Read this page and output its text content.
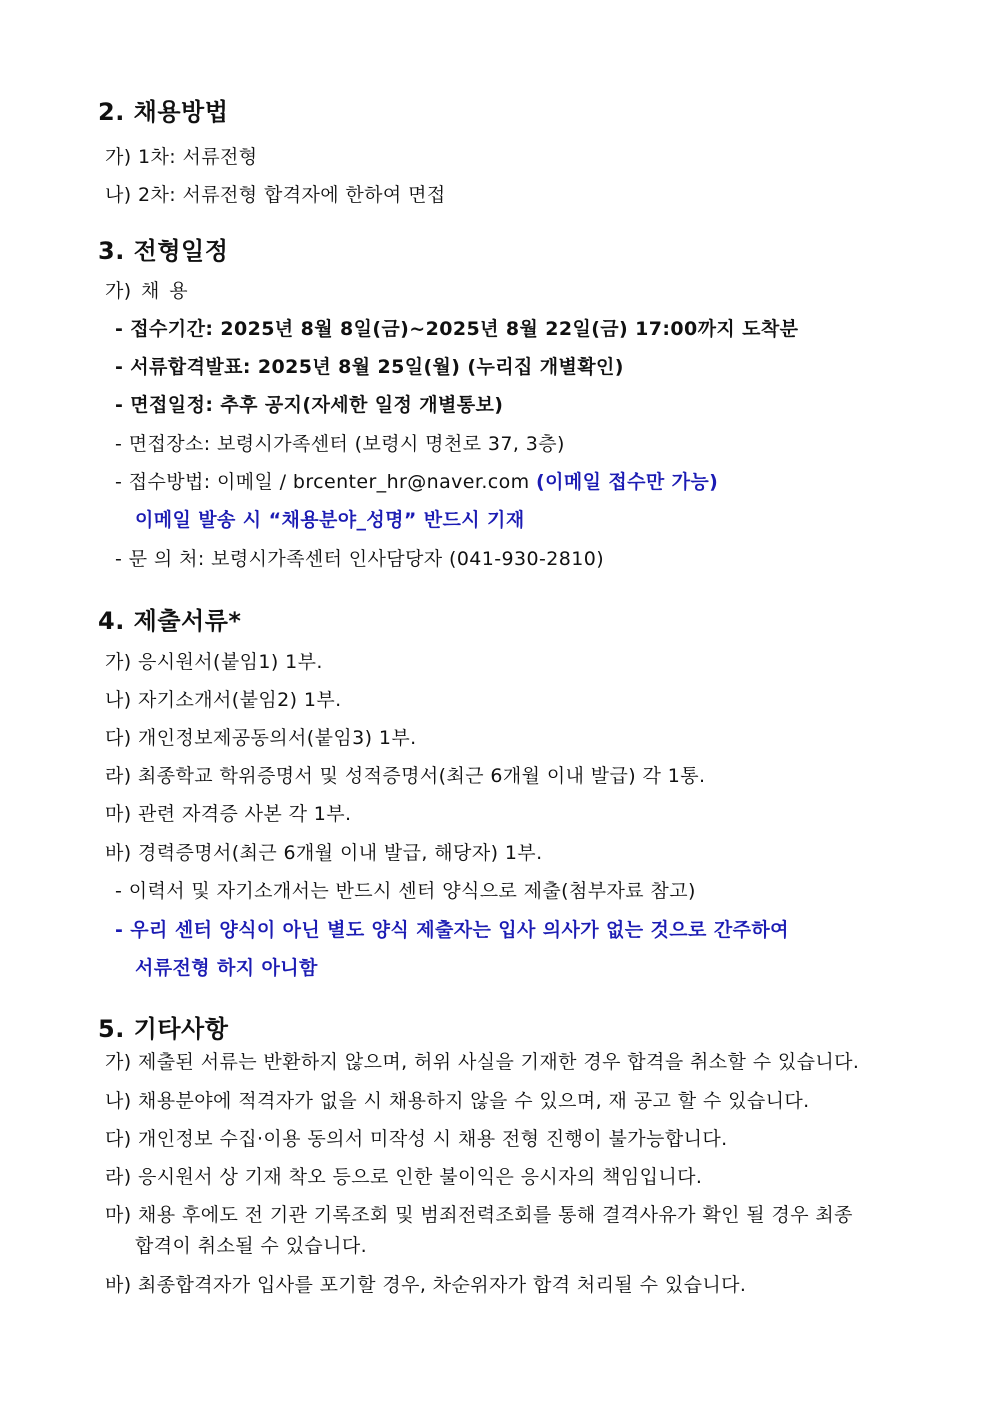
2. 채용방법
가) 1차: 서류전형
나) 2차: 서류전형 합격자에 한하여 면접
3. 전형일정
가) 채 용
- 접수기간: 2025년 8월 8일(금)~2025년 8월 22일(금) 17:00까지 도착분
- 서류합격발표: 2025년 8월 25일(월) (누리집 개별확인)
- 면접일정: 추후 공지(자세한 일정 개별통보)
- 면접장소: 보령시가족센터 (보령시 명천로 37, 3층)
- 접수방법: 이메일 / brcenter_hr@naver.com (이메일 접수만 가능)
이메일 발송 시 “채용분야_성명” 반드시 기재
- 문 의 처: 보령시가족센터 인사담당자 (041-930-2810)
4. 제출서류*
가) 응시원서(붙임1) 1부.
나) 자기소개서(붙임2) 1부.
다) 개인정보제공동의서(붙임3) 1부.
라) 최종학교 학위증명서 및 성적증명서(최근 6개월 이내 발급) 각 1통.
마) 관련 자격증 사본 각 1부.
바) 경력증명서(최근 6개월 이내 발급, 해당자) 1부.
- 이력서 및 자기소개서는 반드시 센터 양식으로 제출(첨부자료 참고)
- 우리 센터 양식이 아닌 별도 양식 제출자는 입사 의사가 없는 것으로 간주하여
서류전형 하지 아니함
5. 기타사항
가) 제출된 서류는 반환하지 않으며, 허위 사실을 기재한 경우 합격을 취소할 수 있습니다.
나) 채용분야에 적격자가 없을 시 채용하지 않을 수 있으며, 재 공고 할 수 있습니다.
다) 개인정보 수집·이용 동의서 미작성 시 채용 전형 진행이 불가능합니다.
라) 응시원서 상 기재 착오 등으로 인한 불이익은 응시자의 책임입니다.
마) 채용 후에도 전 기관 기록조회 및 범죄전력조회를 통해 결격사유가 확인 될 경우 최종
합격이 취소될 수 있습니다.
바) 최종합격자가 입사를 포기할 경우, 차순위자가 합격 처리될 수 있습니다.
